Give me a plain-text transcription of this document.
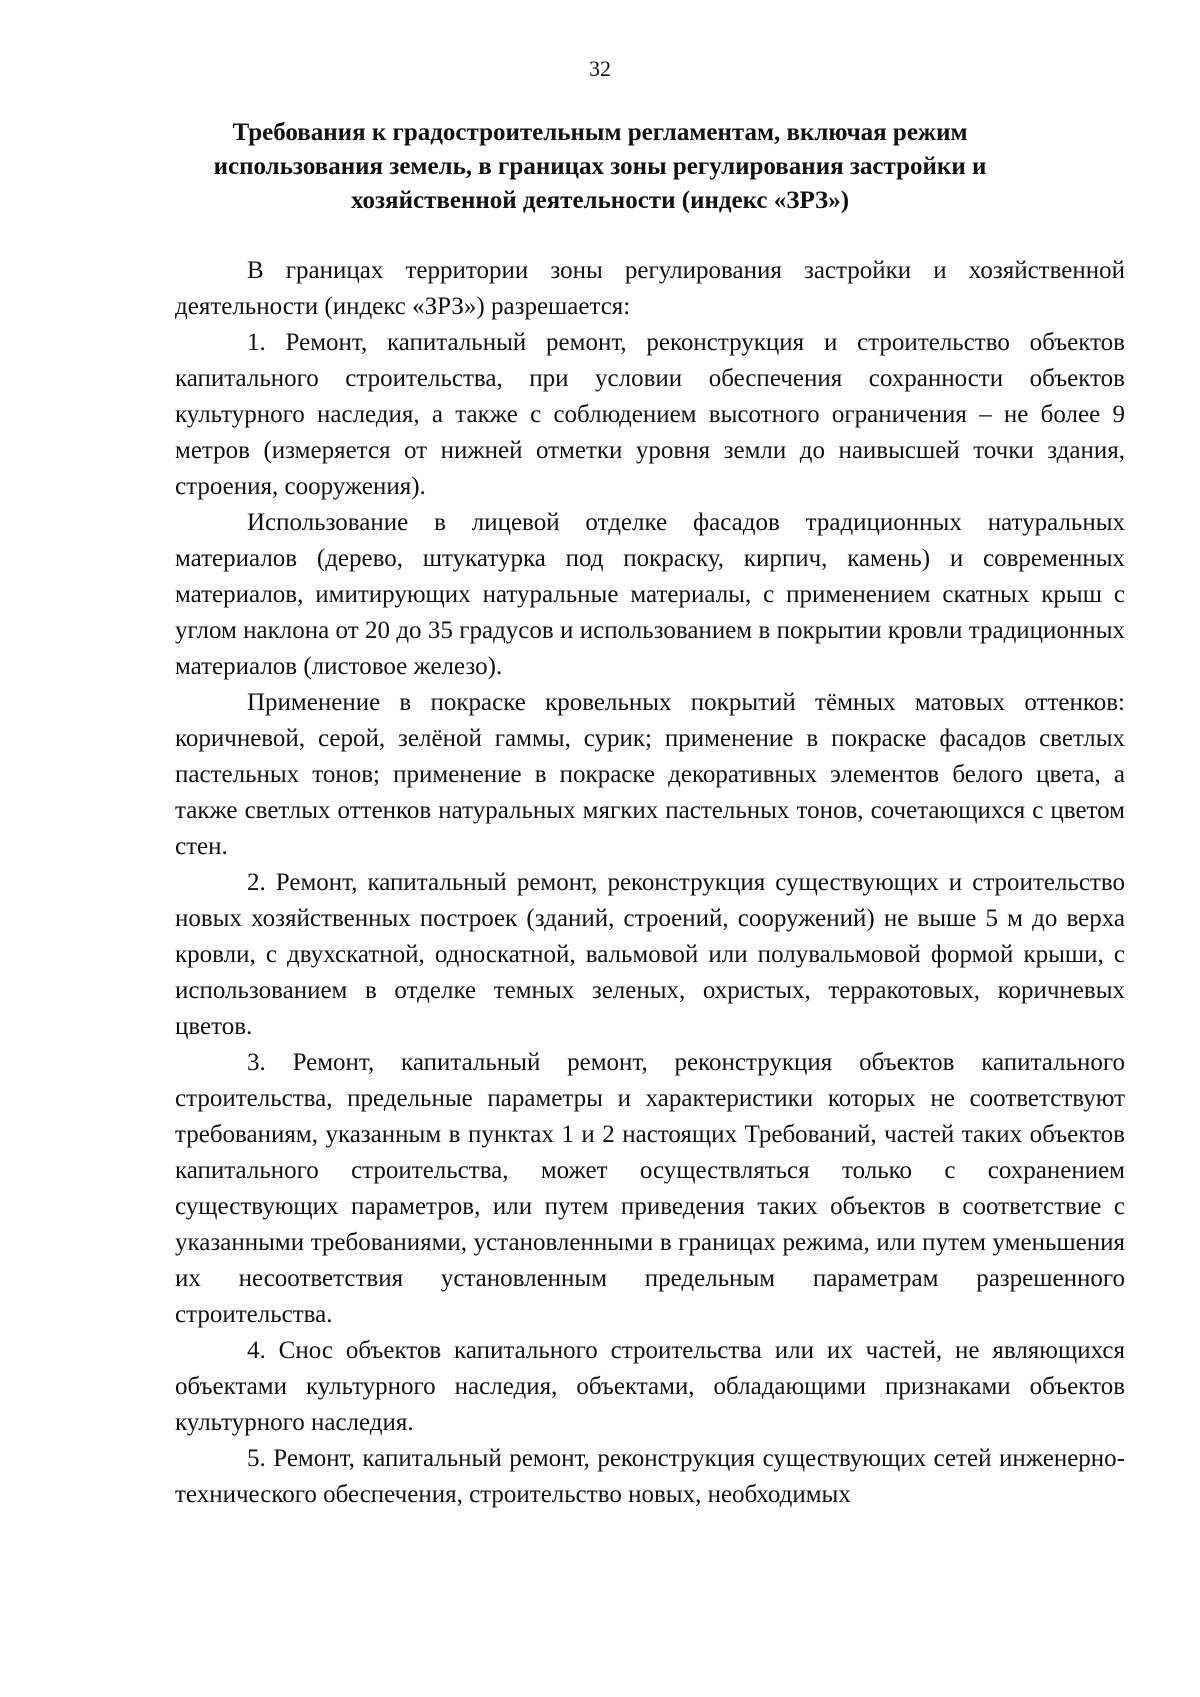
32
Требования к градостроительным регламентам, включая режим
использования земель, в границах зоны регулирования застройки и
хозяйственной деятельности (индекс «ЗРЗ»)

В границах территории зоны регулирования застройки и хозяйственной деятельности (индекс «ЗРЗ») разрешается:

1. Ремонт, капитальный ремонт, реконструкция и строительство объектов капитального строительства, при условии обеспечения сохранности объектов культурного наследия, а также с соблюдением высотного ограничения – не более 9 метров (измеряется от нижней отметки уровня земли до наивысшей точки здания, строения, сооружения).

Использование в лицевой отделке фасадов традиционных натуральных материалов (дерево, штукатурка под покраску, кирпич, камень) и современных материалов, имитирующих натуральные материалы, с применением скатных крыш с углом наклона от 20 до 35 градусов и использованием в покрытии кровли традиционных материалов (листовое железо).

Применение в покраске кровельных покрытий тёмных матовых оттенков: коричневой, серой, зелёной гаммы, сурик; применение в покраске фасадов светлых пастельных тонов; применение в покраске декоративных элементов белого цвета, а также светлых оттенков натуральных мягких пастельных тонов, сочетающихся с цветом стен.

2. Ремонт, капитальный ремонт, реконструкция существующих и строительство новых хозяйственных построек (зданий, строений, сооружений) не выше 5 м до верха кровли, с двухскатной, односкатной, вальмовой или полувальмовой формой крыши, с использованием в отделке темных зеленых, охристых, терракотовых, коричневых цветов.

3. Ремонт, капитальный ремонт, реконструкция объектов капитального строительства, предельные параметры и характеристики которых не соответствуют требованиям, указанным в пунктах 1 и 2 настоящих Требований, частей таких объектов капитального строительства, может осуществляться только с сохранением существующих параметров, или путем приведения таких объектов в соответствие с указанными требованиями, установленными в границах режима, или путем уменьшения их несоответствия установленным предельным параметрам разрешенного строительства.

4. Снос объектов капитального строительства или их частей, не являющихся объектами культурного наследия, объектами, обладающими признаками объектов культурного наследия.

5. Ремонт, капитальный ремонт, реконструкция существующих сетей инженерно-технического обеспечения, строительство новых, необходимых
